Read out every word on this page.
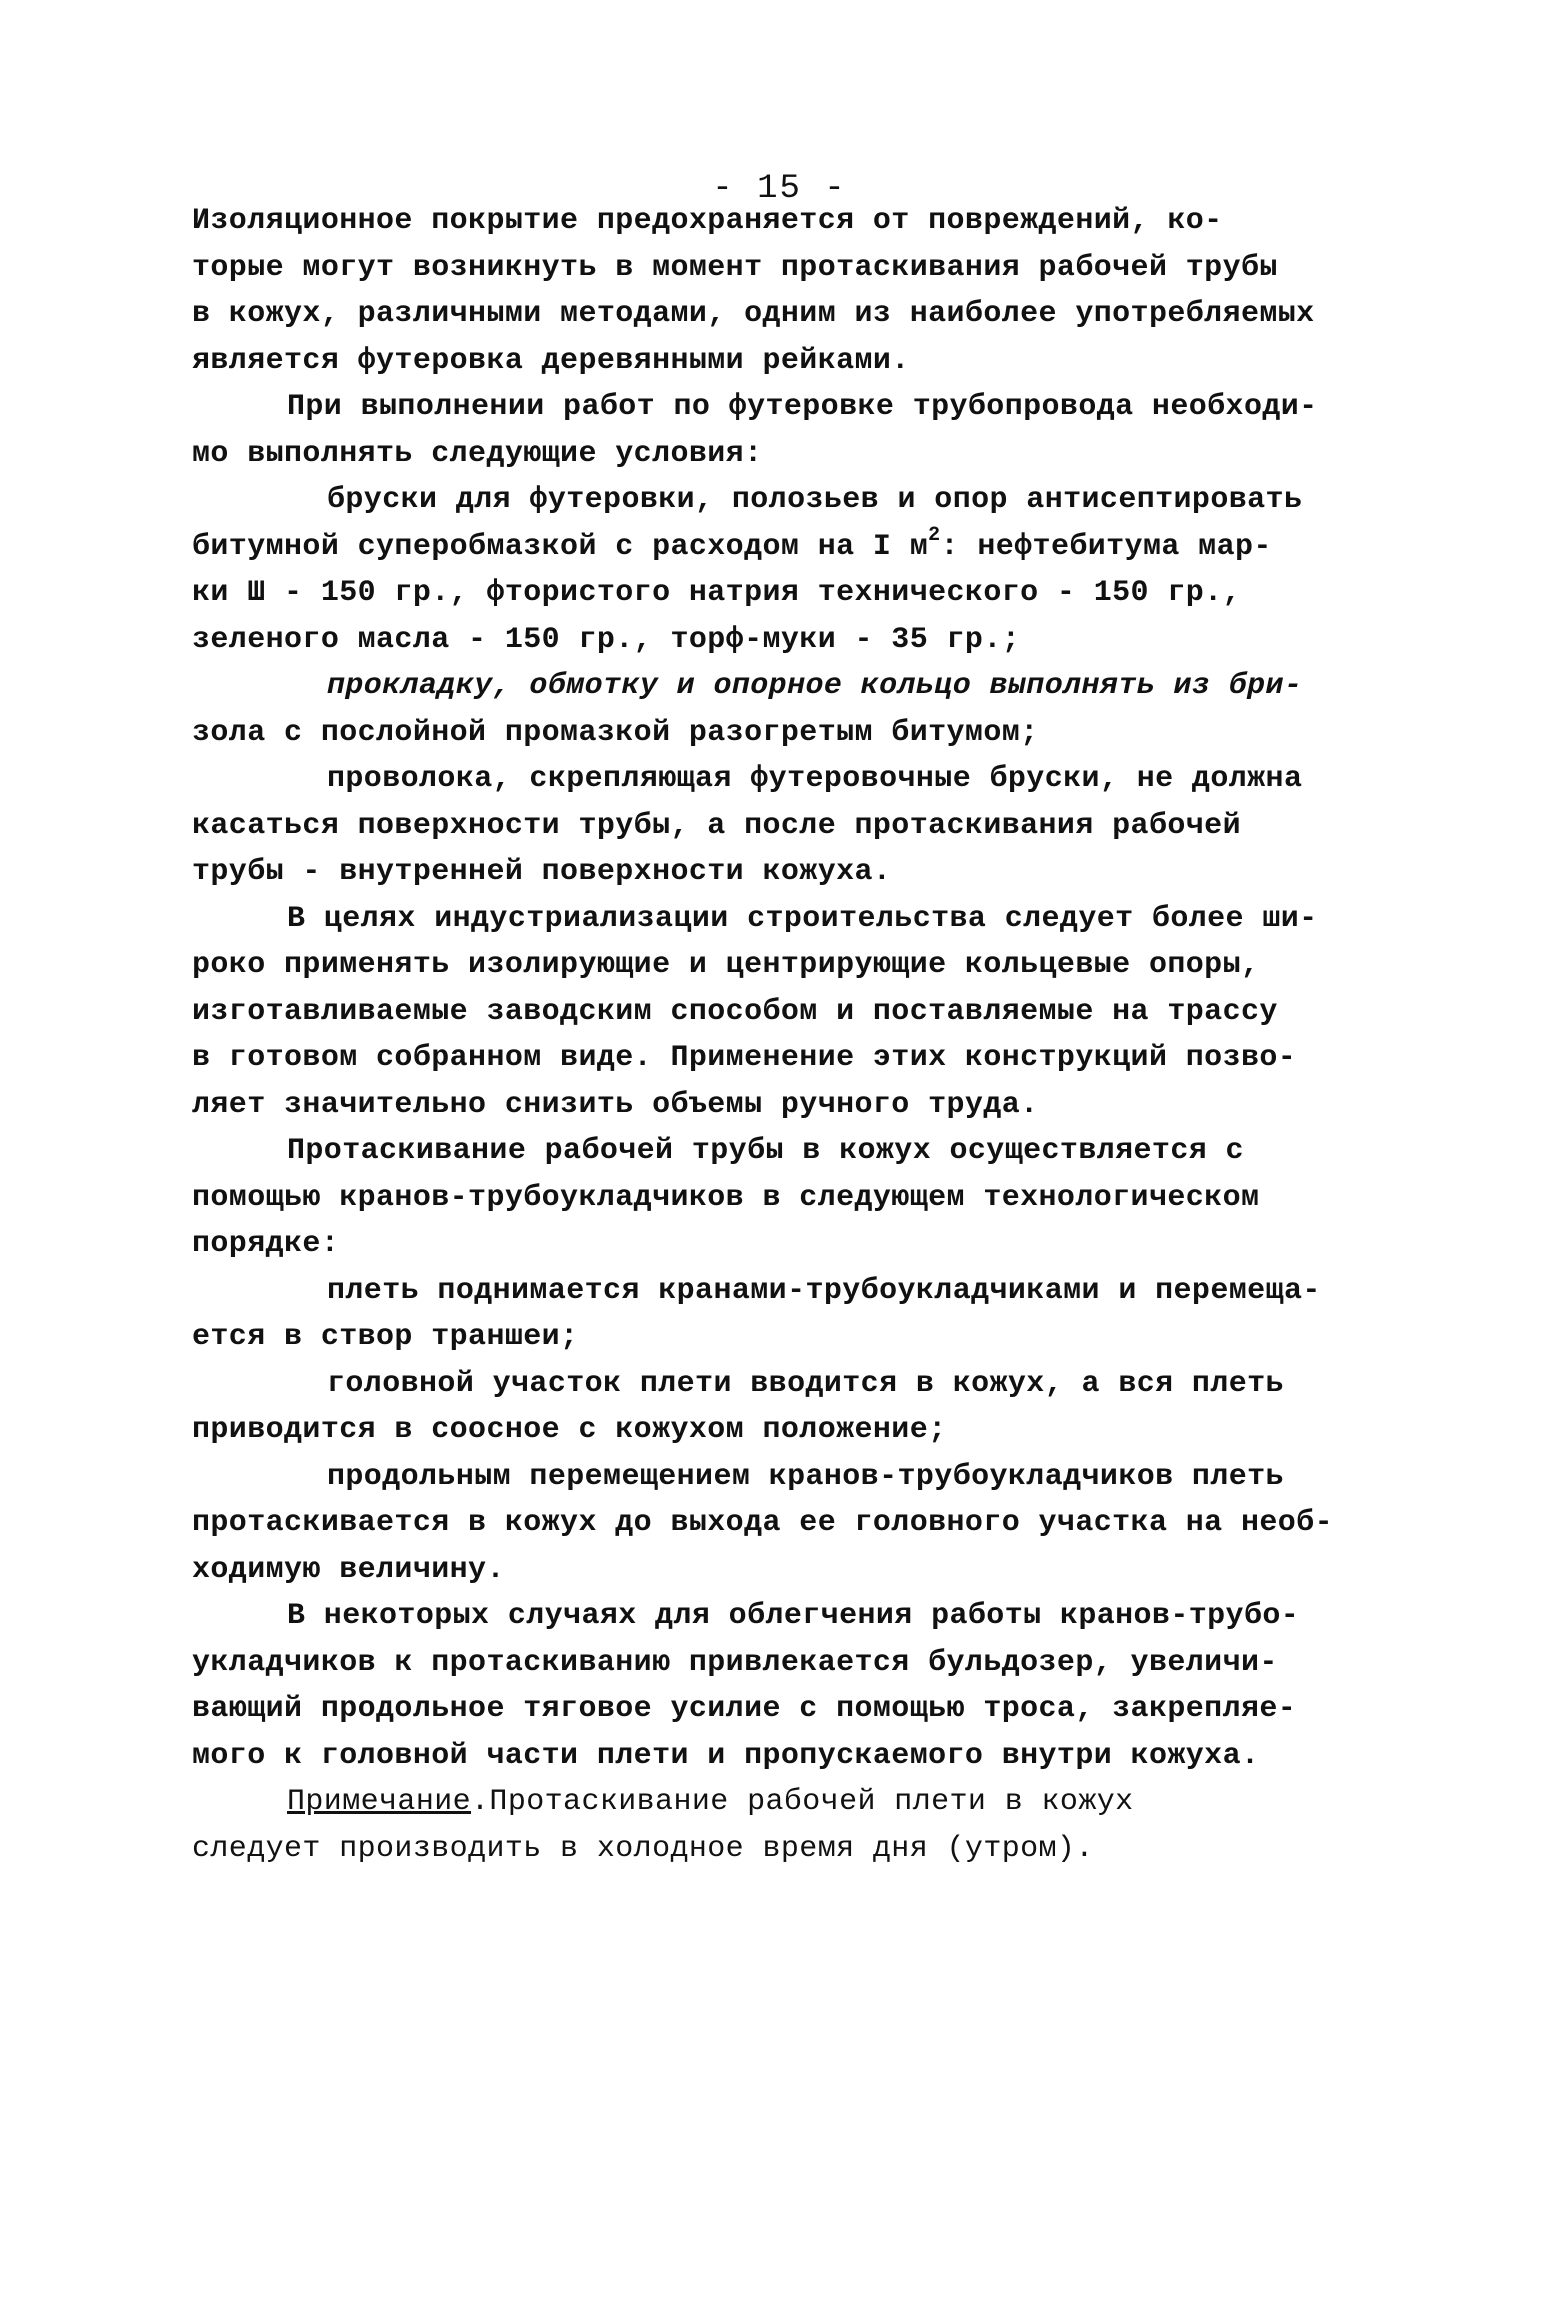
- 15 -
Изоляционное покрытие предохраняется от повреждений, ко-
торые могут возникнуть в момент протаскивания рабочей трубы
в кожух, различными методами, одним из наиболее употребляемых
является футеровка деревянными рейками.
При выполнении работ по футеровке трубопровода необходи-
мо выполнять следующие условия:
бруски для футеровки, полозьев и опор антисептировать
битумной суперобмазкой с расходом на I $м^2$: нефтебитума мар-
ки Ш - 150 гр., фтористого натрия технического - 150 гр.,
зеленого масла - 150 гр., торф-муки - 35 гр.;
прокладку, обмотку и опорное кольцо выполнять из бри-
зола с послойной промазкой разогретым битумом;
проволока, скрепляющая футеровочные бруски, не должна
касаться поверхности трубы, а после протаскивания рабочей
трубы - внутренней поверхности кожуха.
В целях индустриализации строительства следует более ши-
роко применять изолирующие и центрирующие кольцевые опоры,
изготавливаемые заводским способом и поставляемые на трассу
в готовом собранном виде. Применение этих конструкций позво-
ляет значительно снизить объемы ручного труда.
Протаскивание рабочей трубы в кожух осуществляется с
помощью кранов-трубоукладчиков в следующем технологическом
порядке:
плеть поднимается кранами-трубоукладчиками и перемеща-
ется в створ траншеи;
головной участок плети вводится в кожух, а вся плеть
приводится в соосное с кожухом положение;
продольным перемещением кранов-трубоукладчиков плеть
протаскивается в кожух до выхода ее головного участка на необ-
ходимую величину.
В некоторых случаях для облегчения работы кранов-трубо-
укладчиков к протаскиванию привлекается бульдозер, увеличи-
вающий продольное тяговое усилие с помощью троса, закрепляе-
мого к головной части плети и пропускаемого внутри кожуха.
Примечание.Протаскивание рабочей плети в кожух
следует производить в холодное время дня (утром).
